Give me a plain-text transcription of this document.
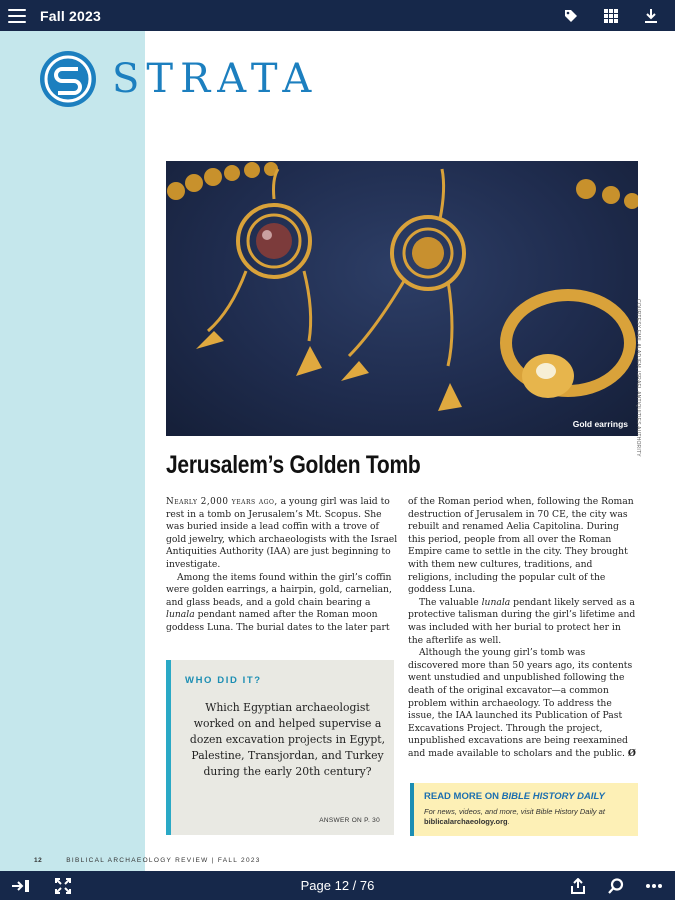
Fall 2023
STRATA
Gold earrings COURTESY EMIL ALADJEM, ISRAEL ANTIQUITIES AUTHORITY
Jerusalem’s Golden Tomb

Nearly 2,000 years ago, a young girl was laid to rest in a tomb on Jerusalem’s Mt. Scopus. She was buried inside a lead coffin with a trove of gold jewelry, which archaeologists with the Israel Antiquities Authority (IAA) are just beginning to investigate.

Among the items found within the girl’s coffin were golden earrings, a hairpin, gold, carnelian, and glass beads, and a gold chain bearing a lunala pendant named after the Roman moon goddess Luna. The burial dates to the later part

of the Roman period when, following the Roman destruction of Jerusalem in 70 CE, the city was rebuilt and renamed Aelia Capitolina. During this period, people from all over the Roman Empire came to settle in the city. They brought with them new cultures, traditions, and religions, including the popular cult of the goddess Luna.

The valuable lunala pendant likely served as a protective talisman during the girl’s lifetime and was included with her burial to protect her in the afterlife as well.

Although the young girl’s tomb was discovered more than 50 years ago, its contents went unstudied and unpublished following the death of the original excavator—a common problem within archaeology. To address the issue, the IAA launched its Publication of Past Excavations Project. Through the project, unpublished excavations are being reexamined and made available to scholars and the public. Ø

WHO DID IT?
Which Egyptian archaeologist worked on and helped supervise a dozen excavation projects in Egypt, Palestine, Transjordan, and Turkey during the early 20th century?
ANSWER ON P. 30
READ MORE ON BIBLE HISTORY DAILY
For news, videos, and more, visit Bible History Daily at biblicalarchaeology.org.
12	BIBLICAL ARCHAEOLOGY REVIEW | FALL 2023
Page 12 / 76
